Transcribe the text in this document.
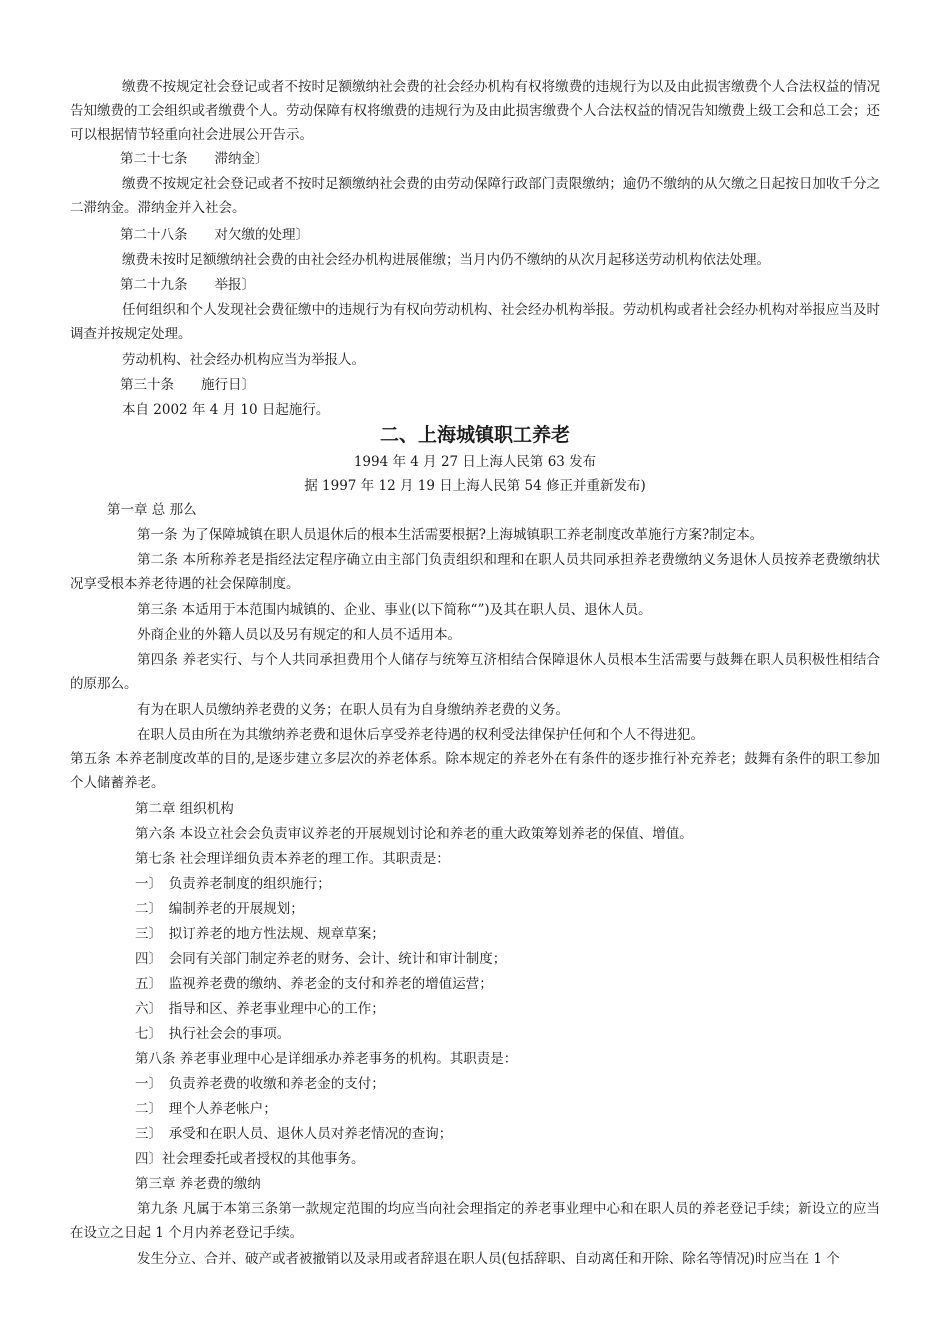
缴费不按规定社会登记或者不按时足额缴纳社会费的社会经办机构有权将缴费的违规行为以及由此损害缴费个人合法权益的情况告知缴费的工会组织或者缴费个人。劳动保障有权将缴费的违规行为及由此损害缴费个人合法权益的情况告知缴费上级工会和总工会；还可以根据情节轻重向社会进展公开告示。

第二十七条　　滞纳金〕

缴费不按规定社会登记或者不按时足额缴纳社会费的由劳动保障行政部门责限缴纳；逾仍不缴纳的从欠缴之日起按日加收千分之二滞纳金。滞纳金并入社会。

第二十八条　　对欠缴的处理〕

缴费未按时足额缴纳社会费的由社会经办机构进展催缴；当月内仍不缴纳的从次月起移送劳动机构依法处理。

第二十九条　　举报〕

任何组织和个人发现社会费征缴中的违规行为有权向劳动机构、社会经办机构举报。劳动机构或者社会经办机构对举报应当及时调查并按规定处理。

劳动机构、社会经办机构应当为举报人。

第三十条　　施行日〕

本自 2002 年 4 月 10 日起施行。

二、上海城镇职工养老

1994 年 4 月 27 日上海人民第 63 发布

据 1997 年 12 月 19 日上海人民第 54 修正并重新发布)

第一章 总 那么

第一条 为了保障城镇在职人员退休后的根本生活需要根据?上海城镇职工养老制度改革施行方案?制定本。

第二条 本所称养老是指经法定程序确立由主部门负责组织和理和在职人员共同承担养老费缴纳义务退休人员按养老费缴纳状况享受根本养老待遇的社会保障制度。

第三条 本适用于本范围内城镇的、企业、事业(以下简称“”)及其在职人员、退休人员。

外商企业的外籍人员以及另有规定的和人员不适用本。

第四条 养老实行、与个人共同承担费用个人储存与统筹互济相结合保障退休人员根本生活需要与鼓舞在职人员积极性相结合的原那么。

有为在职人员缴纳养老费的义务；在职人员有为自身缴纳养老费的义务。

在职人员由所在为其缴纳养老费和退休后享受养老待遇的权利受法律保护任何和个人不得进犯。

第五条 本养老制度改革的目的,是逐步建立多层次的养老体系。除本规定的养老外在有条件的逐步推行补充养老；鼓舞有条件的职工参加个人储蓄养老。

第二章 组织机构

第六条 本设立社会会负责审议养老的开展规划讨论和养老的重大政策筹划养老的保值、增值。

第七条 社会理详细负责本养老的理工作。其职责是：

一〕　负责养老制度的组织施行；

二〕　编制养老的开展规划；

三〕　拟订养老的地方性法规、规章草案；

四〕　会同有关部门制定养老的财务、会计、统计和审计制度；

五〕　监视养老费的缴纳、养老金的支付和养老的增值运营；

六〕　指导和区、养老事业理中心的工作；

七〕　执行社会会的事项。

第八条 养老事业理中心是详细承办养老事务的机构。其职责是：

一〕　负责养老费的收缴和养老金的支付；

二〕　理个人养老帐户；

三〕　承受和在职人员、退休人员对养老情况的查询；

四〕社会理委托或者授权的其他事务。

第三章 养老费的缴纳

第九条 凡属于本第三条第一款规定范围的均应当向社会理指定的养老事业理中心和在职人员的养老登记手续；新设立的应当在设立之日起 1 个月内养老登记手续。

发生分立、合并、破产或者被撤销以及录用或者辞退在职人员(包括辞职、自动离任和开除、除名等情况)时应当在 1 个
